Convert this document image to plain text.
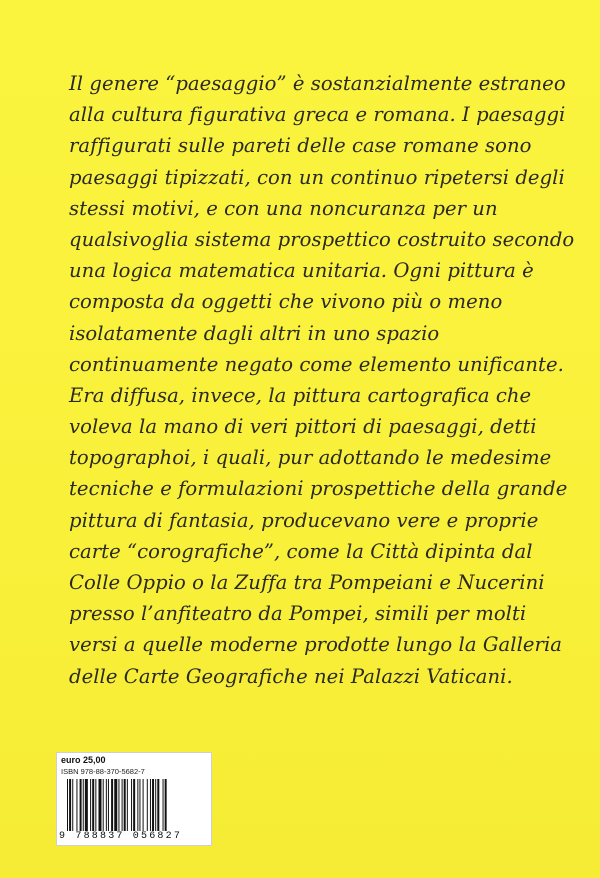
Il genere “paesaggio” è sostanzialmente estraneo
alla cultura figurativa greca e romana. I paesaggi
raffigurati sulle pareti delle case romane sono
paesaggi tipizzati, con un continuo ripetersi degli
stessi motivi, e con una noncuranza per un
qualsivoglia sistema prospettico costruito secondo
una logica matematica unitaria. Ogni pittura è
composta da oggetti che vivono più o meno
isolatamente dagli altri in uno spazio
continuamente negato come elemento unificante.
Era diffusa, invece, la pittura cartografica che
voleva la mano di veri pittori di paesaggi, detti
topographoi, i quali, pur adottando le medesime
tecniche e formulazioni prospettiche della grande
pittura di fantasia, producevano vere e proprie
carte “corografiche”, come la Città dipinta dal
Colle Oppio o la Zuffa tra Pompeiani e Nucerini
presso l’anfiteatro da Pompei, simili per molti
versi a quelle moderne prodotte lungo la Galleria
delle Carte Geografiche nei Palazzi Vaticani.
euro 25,00
ISBN 978-88-370-5682-7
9 788837 056827
